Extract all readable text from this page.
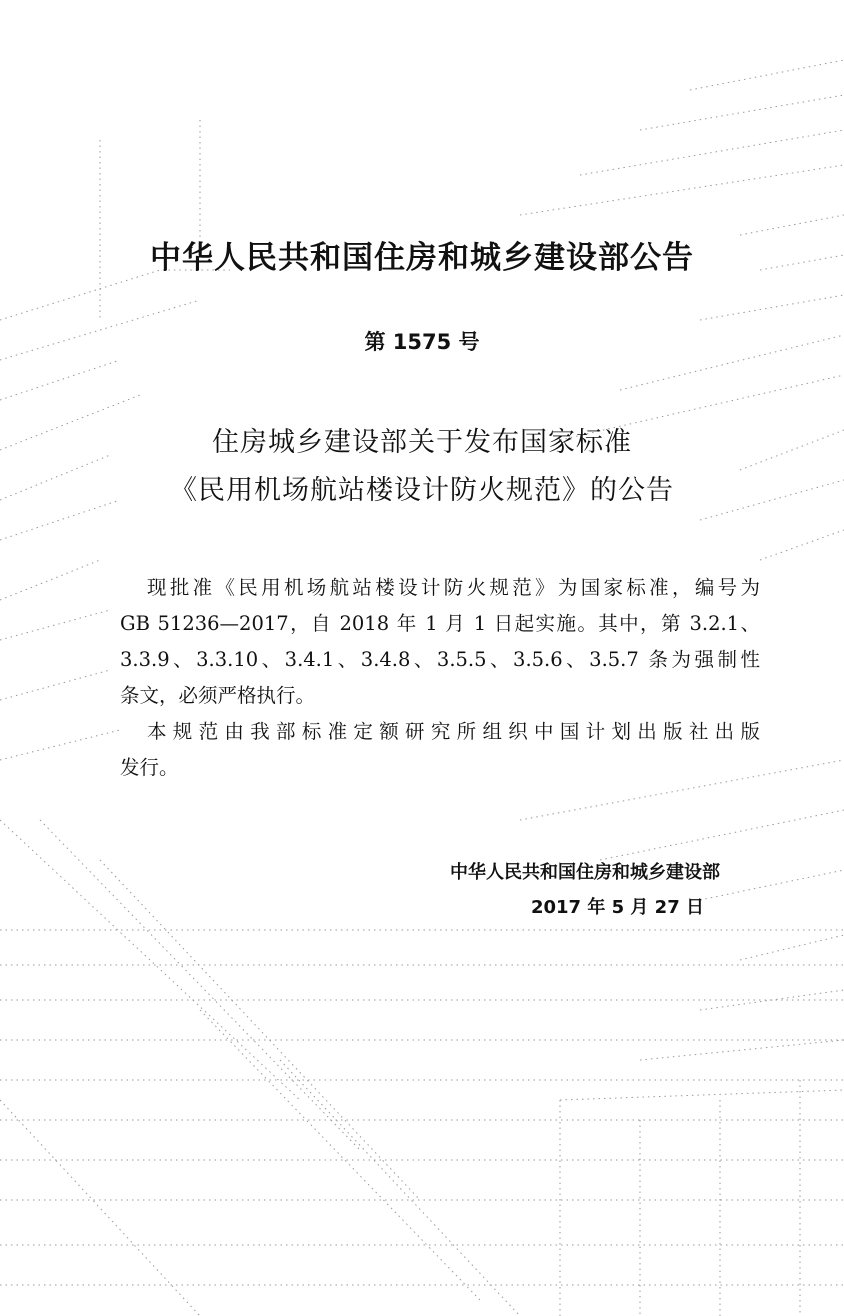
中华人民共和国住房和城乡建设部公告
第 1575 号
住房城乡建设部关于发布国家标准
《民用机场航站楼设计防火规范》的公告
现批准《民用机场航站楼设计防火规范》为国家标准，编号为
GB 51236—2017，自 2018 年 1 月 1 日起实施。其中，第 3.2.1、
3.3.9、3.3.10、3.4.1、3.4.8、3.5.5、3.5.6、3.5.7 条为强制性
条文，必须严格执行。
本规范由我部标准定额研究所组织中国计划出版社出版
发行。
中华人民共和国住房和城乡建设部
2017 年 5 月 27 日
